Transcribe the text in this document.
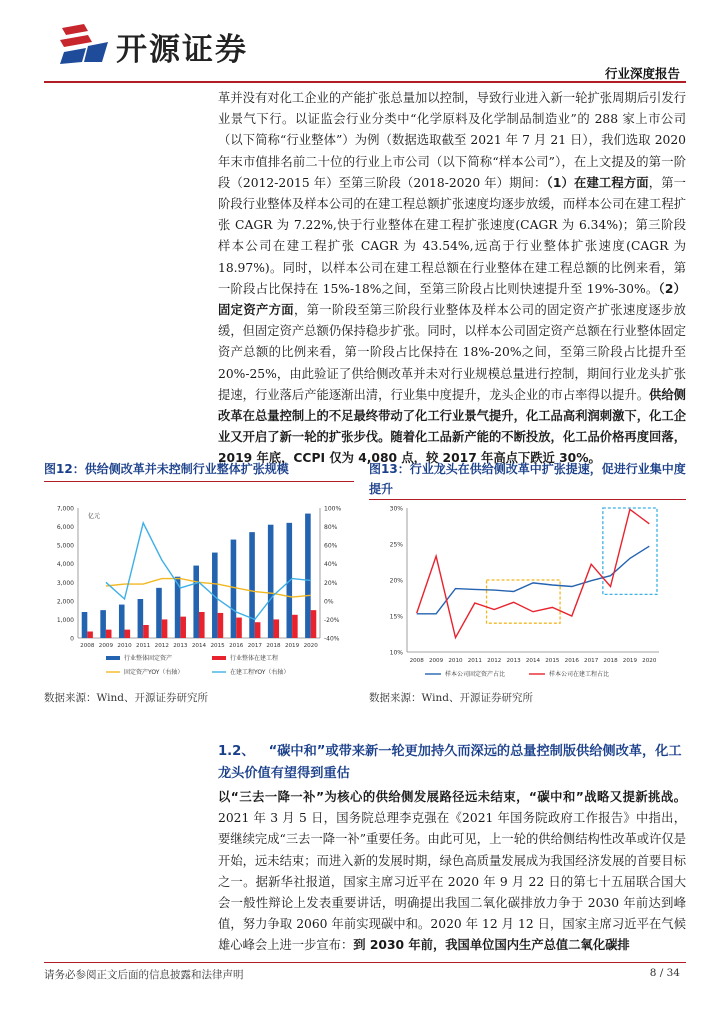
开源证券
行业深度报告
革并没有对化工企业的产能扩张总量加以控制，导致行业进入新一轮扩张周期后引发行业景气下行。以证监会行业分类中“化学原料及化学制品制造业”的 288 家上市公司（以下简称“行业整体”）为例（数据选取截至 2021 年 7 月 21 日），我们选取 2020 年末市值排名前二十位的行业上市公司（以下简称“样本公司”），在上文提及的第一阶段（2012-2015 年）至第三阶段（2018-2020 年）期间：（1）在建工程方面，第一阶段行业整体及样本公司的在建工程总额扩张速度均逐步放缓，而样本公司在建工程扩张 CAGR 为 7.22%,快于行业整体在建工程扩张速度(CAGR 为 6.34%)；第三阶段样本公司在建工程扩张 CAGR 为 43.54%,远高于行业整体扩张速度(CAGR 为 18.97%)。同时，以样本公司在建工程总额在行业整体在建工程总额的比例来看，第一阶段占比保持在 15%-18%之间，至第三阶段占比则快速提升至 19%-30%。（2）固定资产方面，第一阶段至第三阶段行业整体及样本公司的固定资产扩张速度逐步放缓，但固定资产总额仍保持稳步扩张。同时，以样本公司固定资产总额在行业整体固定资产总额的比例来看，第一阶段占比保持在 18%-20%之间，至第三阶段占比提升至 20%-25%，由此验证了供给侧改革并未对行业规模总量进行控制，期间行业龙头扩张提速，行业落后产能逐渐出清，行业集中度提升，龙头企业的市占率得以提升。供给侧改革在总量控制上的不足最终带动了化工行业景气提升，化工品高利润刺激下，化工企业又开启了新一轮的扩张步伐。随着化工品新产能的不断投放，化工品价格再度回落，2019 年底，CCPI 仅为 4,080 点，较 2017 年高点下跌近 30%。
图12：供给侧改革并未控制行业整体扩张规模	图13：行业龙头在供给侧改革中扩张提速，促进行业集中度提升
0
1,000
2,000
3,000
4,000
5,000
6,000
7,000
-40%
-20%
0%
20%
40%
60%
80%
100%
亿元
2008 2009 2010 2011 2012 2013 2014 2015 2016 2017 2018 2019 2020
行业整体固定资产	行业整体在建工程
固定资产YOY（右轴）	在建工程YOY（右轴）
10%
15%
20%
25%
30%
2008 2009 2010 2011 2012 2013 2014 2015 2016 2017 2018 2019 2020
样本公司固定资产占比	样本公司在建工程占比
数据来源：Wind、开源证券研究所	数据来源：Wind、开源证券研究所
1.2、 “碳中和”或带来新一轮更加持久而深远的总量控制版供给侧改革，化工龙头价值有望得到重估
以“三去一降一补”为核心的供给侧发展路径远未结束，“碳中和”战略又提新挑战。2021 年 3 月 5 日，国务院总理李克强在《2021 年国务院政府工作报告》中指出，要继续完成“三去一降一补”重要任务。由此可见，上一轮的供给侧结构性改革或许仅是开始，远未结束；而进入新的发展时期，绿色高质量发展成为我国经济发展的首要目标之一。据新华社报道，国家主席习近平在 2020 年 9 月 22 日的第七十五届联合国大会一般性辩论上发表重要讲话，明确提出我国二氧化碳排放力争于 2030 年前达到峰值，努力争取 2060 年前实现碳中和。2020 年 12 月 12 日，国家主席习近平在气候雄心峰会上进一步宣布：到 2030 年前，我国单位国内生产总值二氧化碳排
请务必参阅正文后面的信息披露和法律声明	8 / 34
